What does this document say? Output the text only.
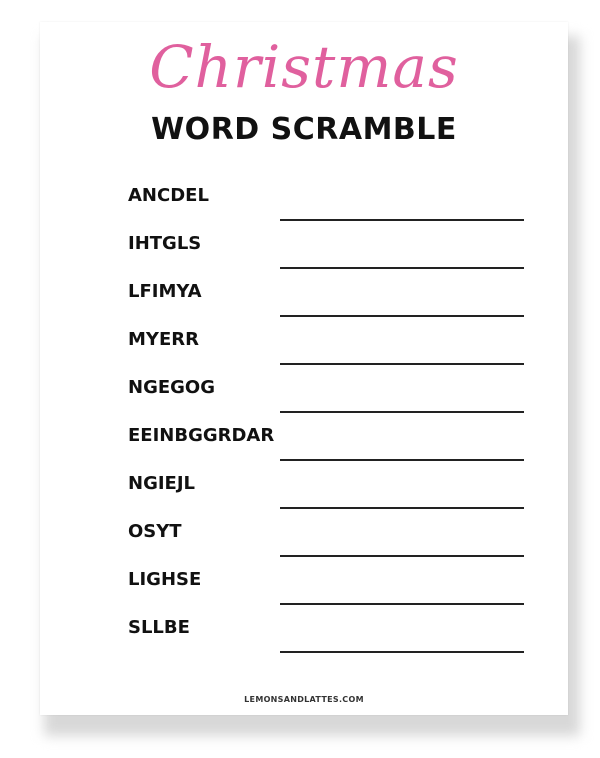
Christmas
WORD SCRAMBLE
ANCDEL
IHTGLS
LFIMYA
MYERR
NGEGOG
EEINBGGRDAR
NGIEJL
OSYT
LIGHSE
SLLBE
LEMONSANDLATTES.COM
